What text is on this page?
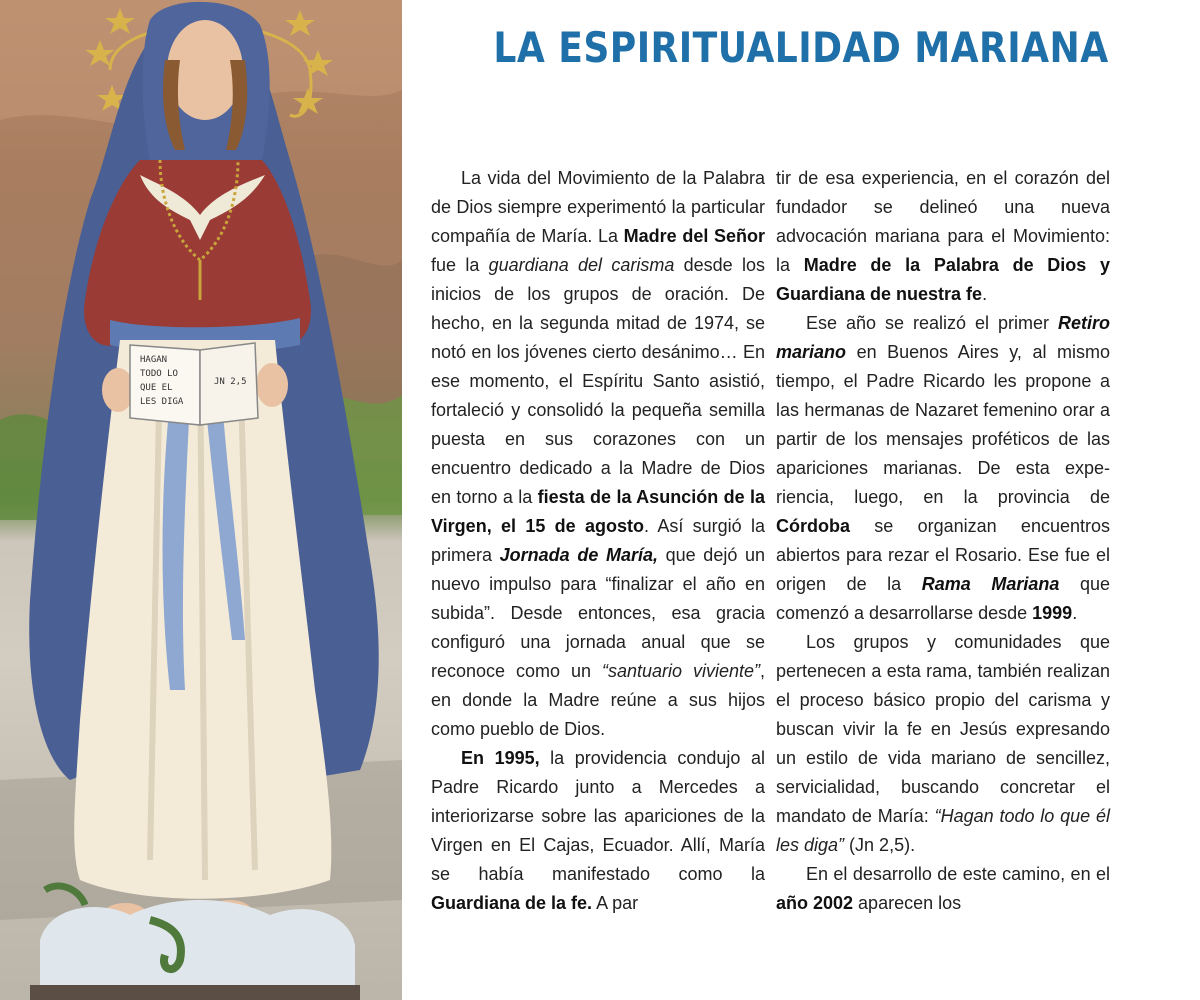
HAGAN
TODO LO
QUE EL
LES DIGA
JN 2,5
LA ESPIRITUALIDAD MARIANA

La vida del Movimiento de la Palabra de Dios siempre experimentó la particular compañía de María. La Madre del Señor fue la guardiana del carisma desde los inicios de los grupos de oración. De hecho, en la segunda mitad de 1974, se notó en los jóvenes cierto desánimo… En ese momento, el Espíritu Santo asistió, fortaleció y consolidó la pequeña semilla puesta en sus corazones con un encuentro dedicado a la Madre de Dios en torno a la fiesta de la Asunción de la Virgen, el 15 de agosto. Así surgió la primera Jornada de María, que dejó un nuevo impulso para “finalizar el año en subida”. Desde entonces, esa gracia configuró una jornada anual que se reconoce como un “santuario viviente”, en donde la Madre reúne a sus hijos como pueblo de Dios.

En 1995, la providencia condujo al Padre Ricardo junto a Mercedes a interiorizarse sobre las apariciones de la Virgen en El Cajas, Ecuador. Allí, María se había manifestado como la Guardiana de la fe. A par

tir de esa experiencia, en el corazón del fundador se delineó una nueva advocación mariana para el Movimiento: la Madre de la Palabra de Dios y Guardiana de nuestra fe.

Ese año se realizó el primer Retiro mariano en Buenos Aires y, al mismo tiempo, el Padre Ricardo les propone a las hermanas de Nazaret femenino orar a partir de los mensajes proféticos de las apariciones marianas. De esta experiencia, luego, en la provincia de Córdoba se organizan encuentros abiertos para rezar el Rosario. Ese fue el origen de la Rama Mariana que comenzó a desarrollarse desde 1999.

Los grupos y comunidades que pertenecen a esta rama, también realizan el proceso básico propio del carisma y buscan vivir la fe en Jesús expresando un estilo de vida mariano de sencillez, servicialidad, buscando concretar el mandato de María: “Hagan todo lo que él les diga” (Jn 2,5).

En el desarrollo de este camino, en el año 2002 aparecen los
